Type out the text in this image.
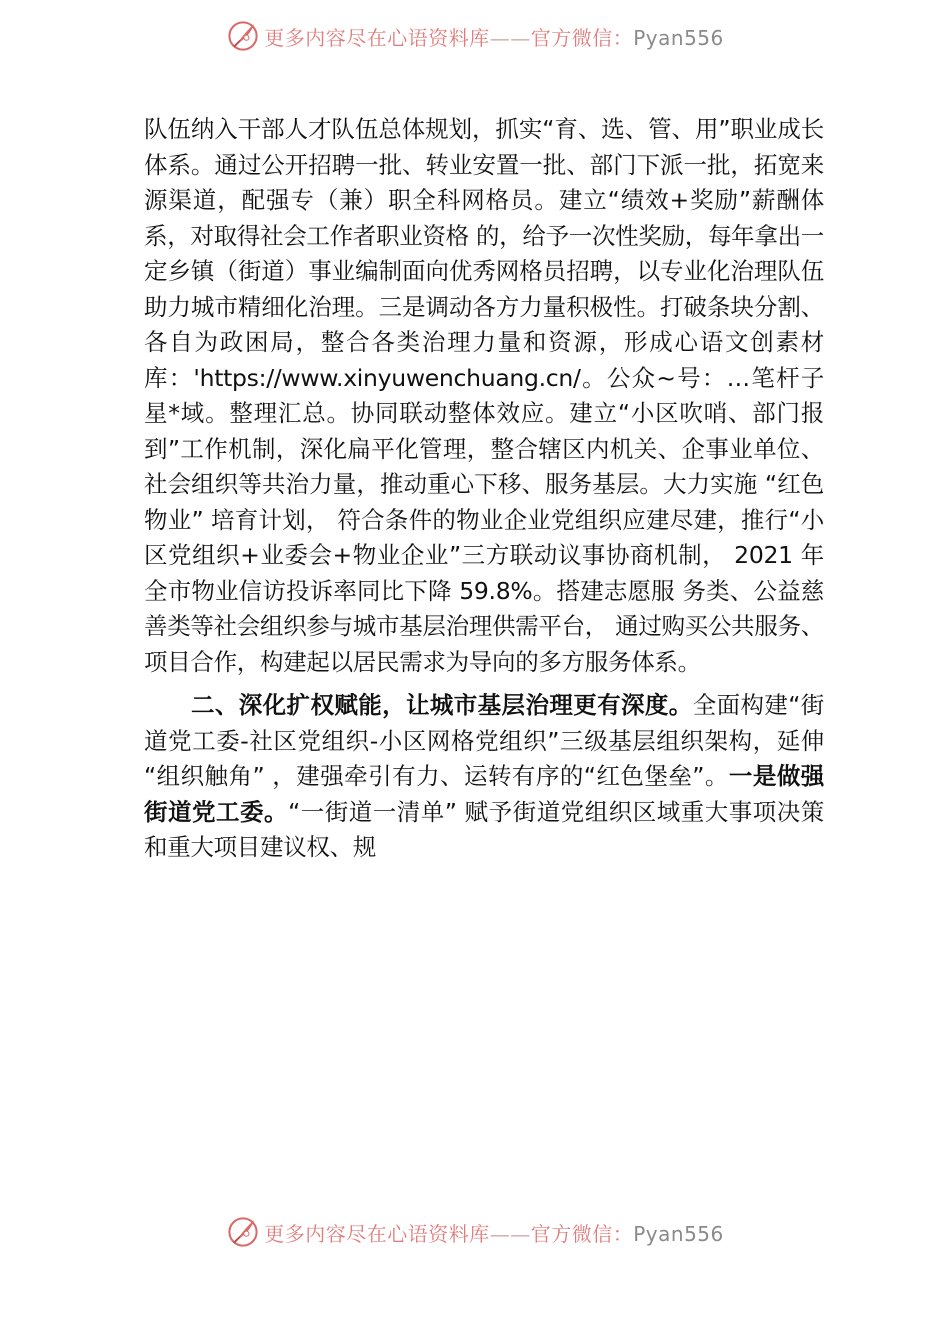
更多内容尽在心语资料库——官方微信：Pyan556

队伍纳入干部人才队伍总体规划，抓实“育、选、管、用”职业成长体系。通过公开招聘一批、转业安置一批、部门下派一批，拓宽来源渠道，配强专（兼）职全科网格员。建立“绩效+奖励”薪酬体系，对取得社会工作者职业资格 的，给予一次性奖励，每年拿出一定乡镇（街道）事业编制面向优秀网格员招聘，以专业化治理队伍助力城市精细化治理。三是调动各方力量积极性。打破条块分割、各自为政困局，整合各类治理力量和资源，形成心语文创素材库：'https://www.xinyuwenchuang.cn/。公众~号：…笔杆子星*域。整理汇总。协同联动整体效应。建立“小区吹哨、部门报到”工作机制，深化扁平化管理，整合辖区内机关、企事业单位、社会组织等共治力量，推动重心下移、服务基层。大力实施 “红色物业” 培育计划， 符合条件的物业企业党组织应建尽建，推行“小区党组织+业委会+物业企业”三方联动议事协商机制， 2021 年全市物业信访投诉率同比下降 59.8%。搭建志愿服 务类、公益慈善类等社会组织参与城市基层治理供需平台， 通过购买公共服务、项目合作，构建起以居民需求为导向的多方服务体系。

二、深化扩权赋能，让城市基层治理更有深度。全面构建“街道党工委-社区党组织-小区网格党组织”三级基层组织架构，延伸 “组织触角” ，建强牵引有力、运转有序的“红色堡垒”。一是做强街道党工委。“一街道一清单” 赋予街道党组织区域重大事项决策和重大项目建议权、规

更多内容尽在心语资料库——官方微信：Pyan556
